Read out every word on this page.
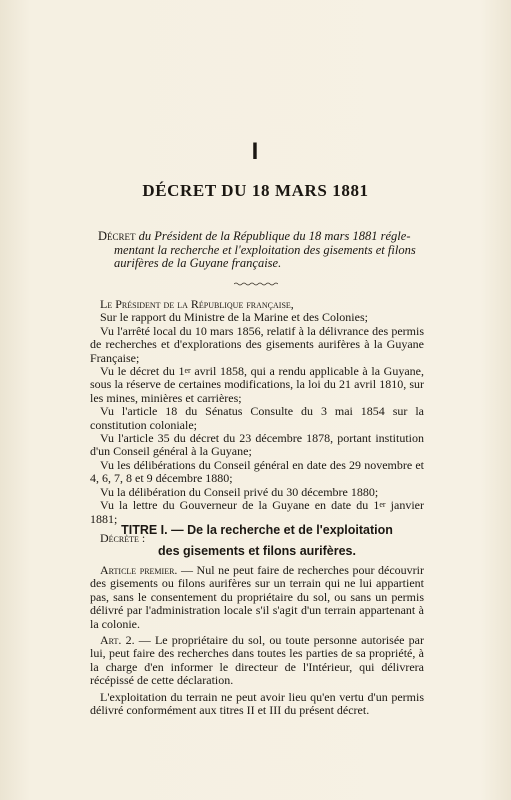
I
DÉCRET DU 18 MARS 1881
Décret du Président de la République du 18 mars 1881 régle-
mentant la recherche et l'exploitation des gisements et filons
aurifères de la Guyane française.

Le Président de la République française,

Sur le rapport du Ministre de la Marine et des Colonies;

Vu l'arrêté local du 10 mars 1856, relatif à la délivrance des permis de recherches et d'explorations des gisements aurifères à la Guyane Française;

Vu le décret du 1er avril 1858, qui a rendu applicable à la Guyane, sous la réserve de certaines modifications, la loi du 21 avril 1810, sur les mines, minières et carrières;

Vu l'article 18 du Sénatus Consulte du 3 mai 1854 sur la constitution coloniale;

Vu l'article 35 du décret du 23 décembre 1878, portant institution d'un Conseil général à la Guyane;

Vu les délibérations du Conseil général en date des 29 novembre et 4, 6, 7, 8 et 9 décembre 1880;

Vu la délibération du Conseil privé du 30 décembre 1880;

Vu la lettre du Gouverneur de la Guyane en date du 1er janvier 1881;

Décrète :

TITRE I. — De la recherche et de l'exploitation
des gisements et filons aurifères.

Article premier. — Nul ne peut faire de recherches pour découvrir des gisements ou filons aurifères sur un terrain qui ne lui appartient pas, sans le consentement du propriétaire du sol, ou sans un permis délivré par l'administration locale s'il s'agit d'un terrain appartenant à la colonie.

Art. 2. — Le propriétaire du sol, ou toute personne autorisée par lui, peut faire des recherches dans toutes les parties de sa propriété, à la charge d'en informer le directeur de l'Intérieur, qui délivrera récépissé de cette déclaration.

L'exploitation du terrain ne peut avoir lieu qu'en vertu d'un permis délivré conformément aux titres II et III du présent décret.
